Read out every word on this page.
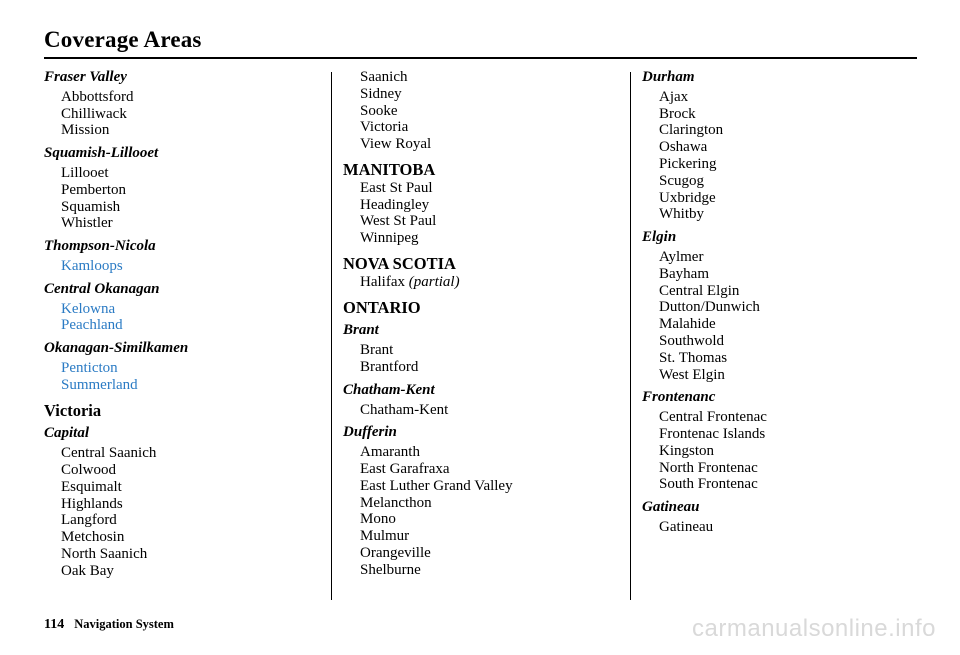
Coverage Areas
Fraser Valley
Abbottsford
Chilliwack
Mission
Squamish-Lillooet
Lillooet
Pemberton
Squamish
Whistler
Thompson-Nicola
Kamloops
Central Okanagan
Kelowna
Peachland
Okanagan-Similkamen
Penticton
Summerland
Victoria
Capital
Central Saanich
Colwood
Esquimalt
Highlands
Langford
Metchosin
North Saanich
Oak Bay
Saanich
Sidney
Sooke
Victoria
View Royal
MANITOBA
East St Paul
Headingley
West St Paul
Winnipeg
NOVA SCOTIA
Halifax (partial)
ONTARIO
Brant
Brant
Brantford
Chatham-Kent
Chatham-Kent
Dufferin
Amaranth
East Garafraxa
East Luther Grand Valley
Melancthon
Mono
Mulmur
Orangeville
Shelburne
Durham
Ajax
Brock
Clarington
Oshawa
Pickering
Scugog
Uxbridge
Whitby
Elgin
Aylmer
Bayham
Central Elgin
Dutton/Dunwich
Malahide
Southwold
St. Thomas
West Elgin
Frontenanc
Central Frontenac
Frontenac Islands
Kingston
North Frontenac
South Frontenac
Gatineau
Gatineau
114 Navigation System	carmanualsonline.info
